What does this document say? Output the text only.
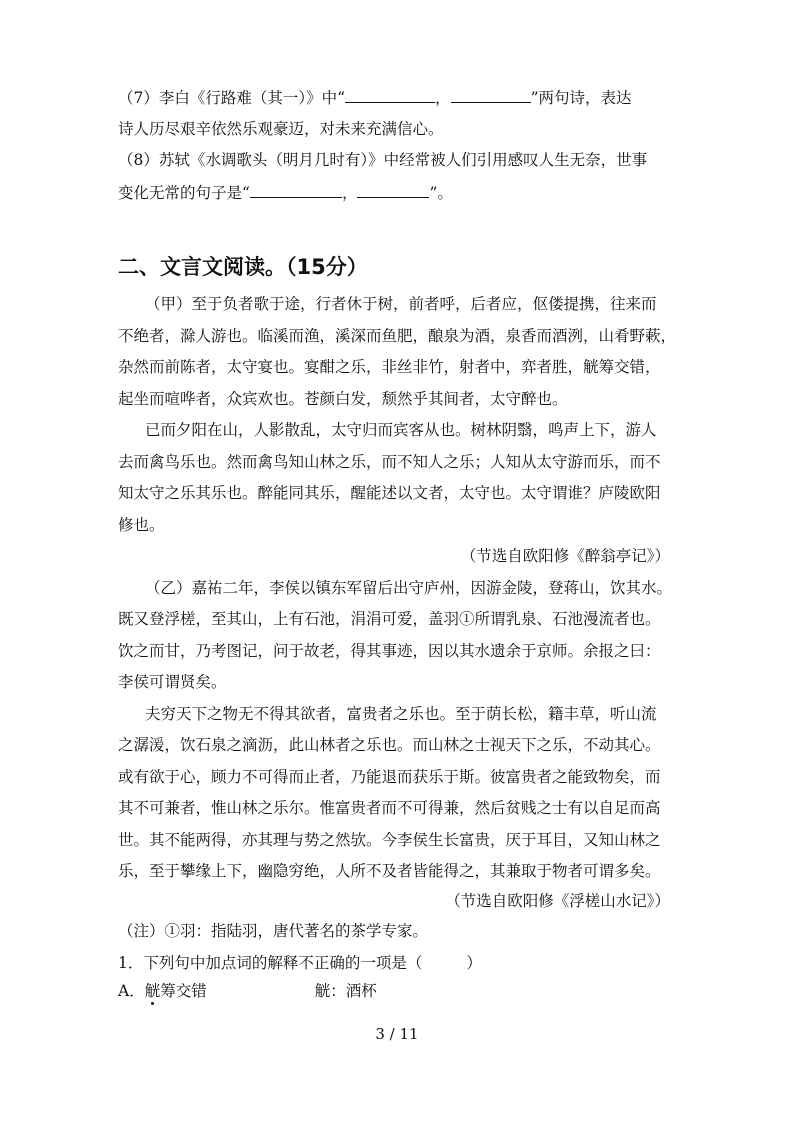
（7）李白《行路难（其一）》中“	，	”两句诗，表达
诗人历尽艰辛依然乐观豪迈，对未来充满信心。
（8）苏轼《水调歌头（明月几时有）》中经常被人们引用感叹人生无奈，世事
变化无常的句子是“	，	”。
二、文言文阅读。（15分）
（甲）至于负者歌于途，行者休于树，前者呼，后者应，伛偻提携，往来而
不绝者，滁人游也。临溪而渔，溪深而鱼肥，酿泉为酒，泉香而酒洌，山肴野蔌，
杂然而前陈者，太守宴也。宴酣之乐，非丝非竹，射者中，弈者胜，觥筹交错，
起坐而喧哗者，众宾欢也。苍颜白发，颓然乎其间者，太守醉也。
已而夕阳在山，人影散乱，太守归而宾客从也。树林阴翳，鸣声上下，游人
去而禽鸟乐也。然而禽鸟知山林之乐，而不知人之乐；人知从太守游而乐，而不
知太守之乐其乐也。醉能同其乐，醒能述以文者，太守也。太守谓谁？庐陵欧阳
修也。
（节选自欧阳修《醉翁亭记》）
（乙）嘉祐二年，李侯以镇东军留后出守庐州，因游金陵，登蒋山，饮其水。
既又登浮槎，至其山，上有石池，涓涓可爱，盖羽①所谓乳泉、石池漫流者也。
饮之而甘，乃考图记，问于故老，得其事迹，因以其水遗余于京师。余报之曰：
李侯可谓贤矣。
夫穷天下之物无不得其欲者，富贵者之乐也。至于荫长松，籍丰草，听山流
之潺湲，饮石泉之滴沥，此山林者之乐也。而山林之士视天下之乐，不动其心。
或有欲于心，顾力不可得而止者，乃能退而获乐于斯。彼富贵者之能致物矣，而
其不可兼者，惟山林之乐尔。惟富贵者而不可得兼，然后贫贱之士有以自足而高
世。其不能两得，亦其理与势之然欤。今李侯生长富贵，厌于耳目，又知山林之
乐，至于攀缘上下，幽隐穷绝，人所不及者皆能得之，其兼取于物者可谓多矣。
（节选自欧阳修《浮槎山水记》）
（注）①羽：指陆羽，唐代著名的茶学专家。
1．下列句中加点词的解释不正确的一项是（	）
A．觥筹交错	觥：酒杯
3 / 11
